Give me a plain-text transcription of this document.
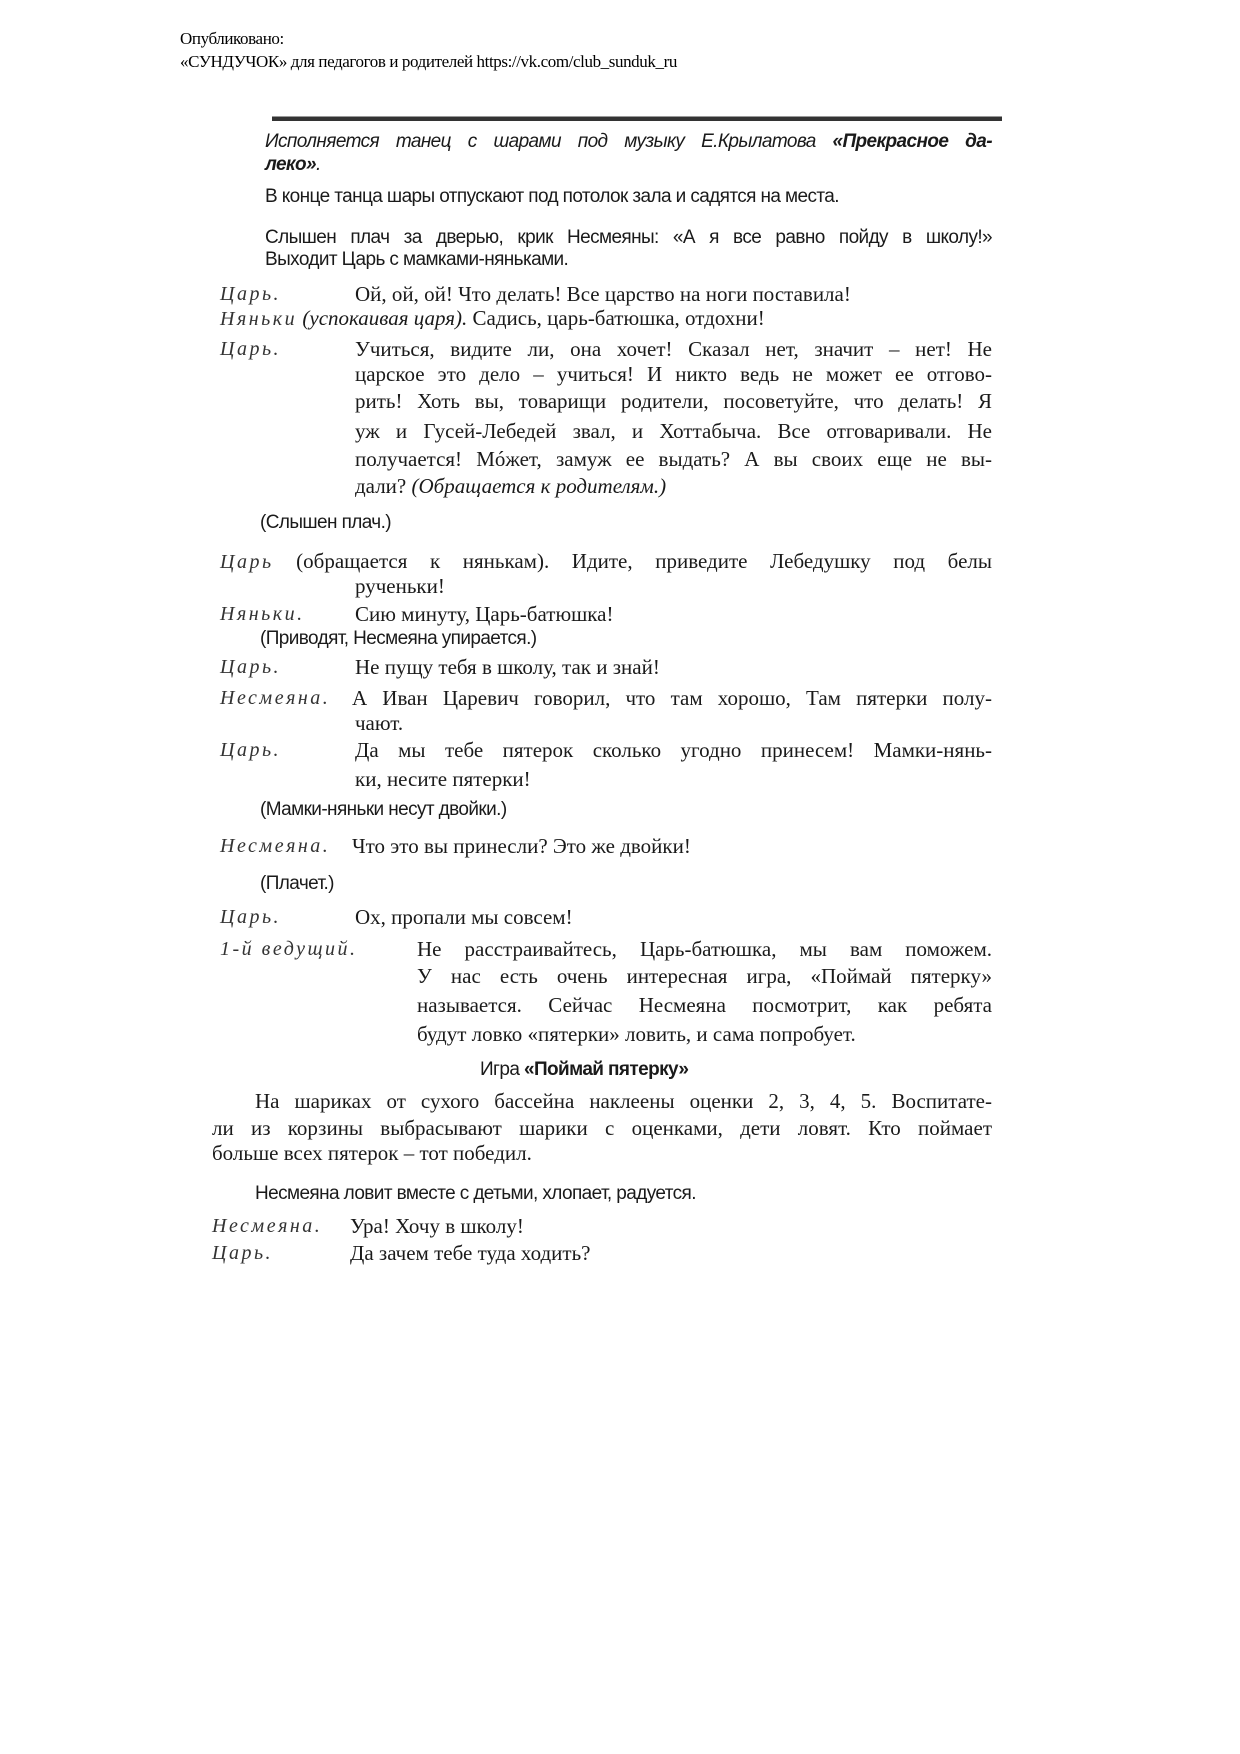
Опубликовано:
«СУНДУЧОК» для педагогов и родителей https://vk.com/club_sunduk_ru
Исполняется танец с шарами под музыку Е.Крылатова «Прекрасное да-
леко».
В конце танца шары отпускают под потолок зала и садятся на места.
Слышен плач за дверью, крик Несмеяны: «А я все равно пойду в школу!»
Выходит Царь с мамками-няньками.
Царь.	Ой, ой, ой! Что делать! Все царство на ноги поставила!
Няньки (успокаивая царя). Садись, царь-батюшка, отдохни!
Царь.	Учиться, видите ли, она хочет! Сказал нет, значит – нет! Не
царское это дело – учиться! И никто ведь не может ее отгово-
рить! Хоть вы, товарищи родители, посоветуйте, что делать! Я
уж и Гусей-Лебедей звал, и Хоттабыча. Все отговаривали. Не
получается! Мóжет, замуж ее выдать? А вы своих еще не вы-
дали? (Обращается к родителям.)
(Слышен плач.)
Царь (обращается к нянькам). Идите, приведите Лебедушку под белы
рученьки!
Няньки. Сию минуту, Царь-батюшка!
(Приводят, Несмеяна упирается.)
Царь.	Не пущу тебя в школу, так и знай!
Несмеяна. А Иван Царевич говорил, что там хорошо, Там пятерки полу-
чают.
Царь.	Да мы тебе пятерок сколько угодно принесем! Мамки-нянь-
ки, несите пятерки!
(Мамки-няньки несут двойки.)
Несмеяна. Что это вы принесли? Это же двойки!
(Плачет.)
Царь.	Ох, пропали мы совсем!
1-й ведущий.	Не расстраивайтесь, Царь-батюшка, мы вам поможем.
У нас есть очень интересная игра, «Поймай пятерку»
называется. Сейчас Несмеяна посмотрит, как ребята
будут ловко «пятерки» ловить, и сама попробует.
Игра «Поймай пятерку»
На шариках от сухого бассейна наклеены оценки 2, 3, 4, 5. Воспитате-
ли из корзины выбрасывают шарики с оценками, дети ловят. Кто поймает
больше всех пятерок – тот победил.
Несмеяна ловит вместе с детьми, хлопает, радуется.
Несмеяна. Ура! Хочу в школу!
Царь.	Да зачем тебе туда ходить?
